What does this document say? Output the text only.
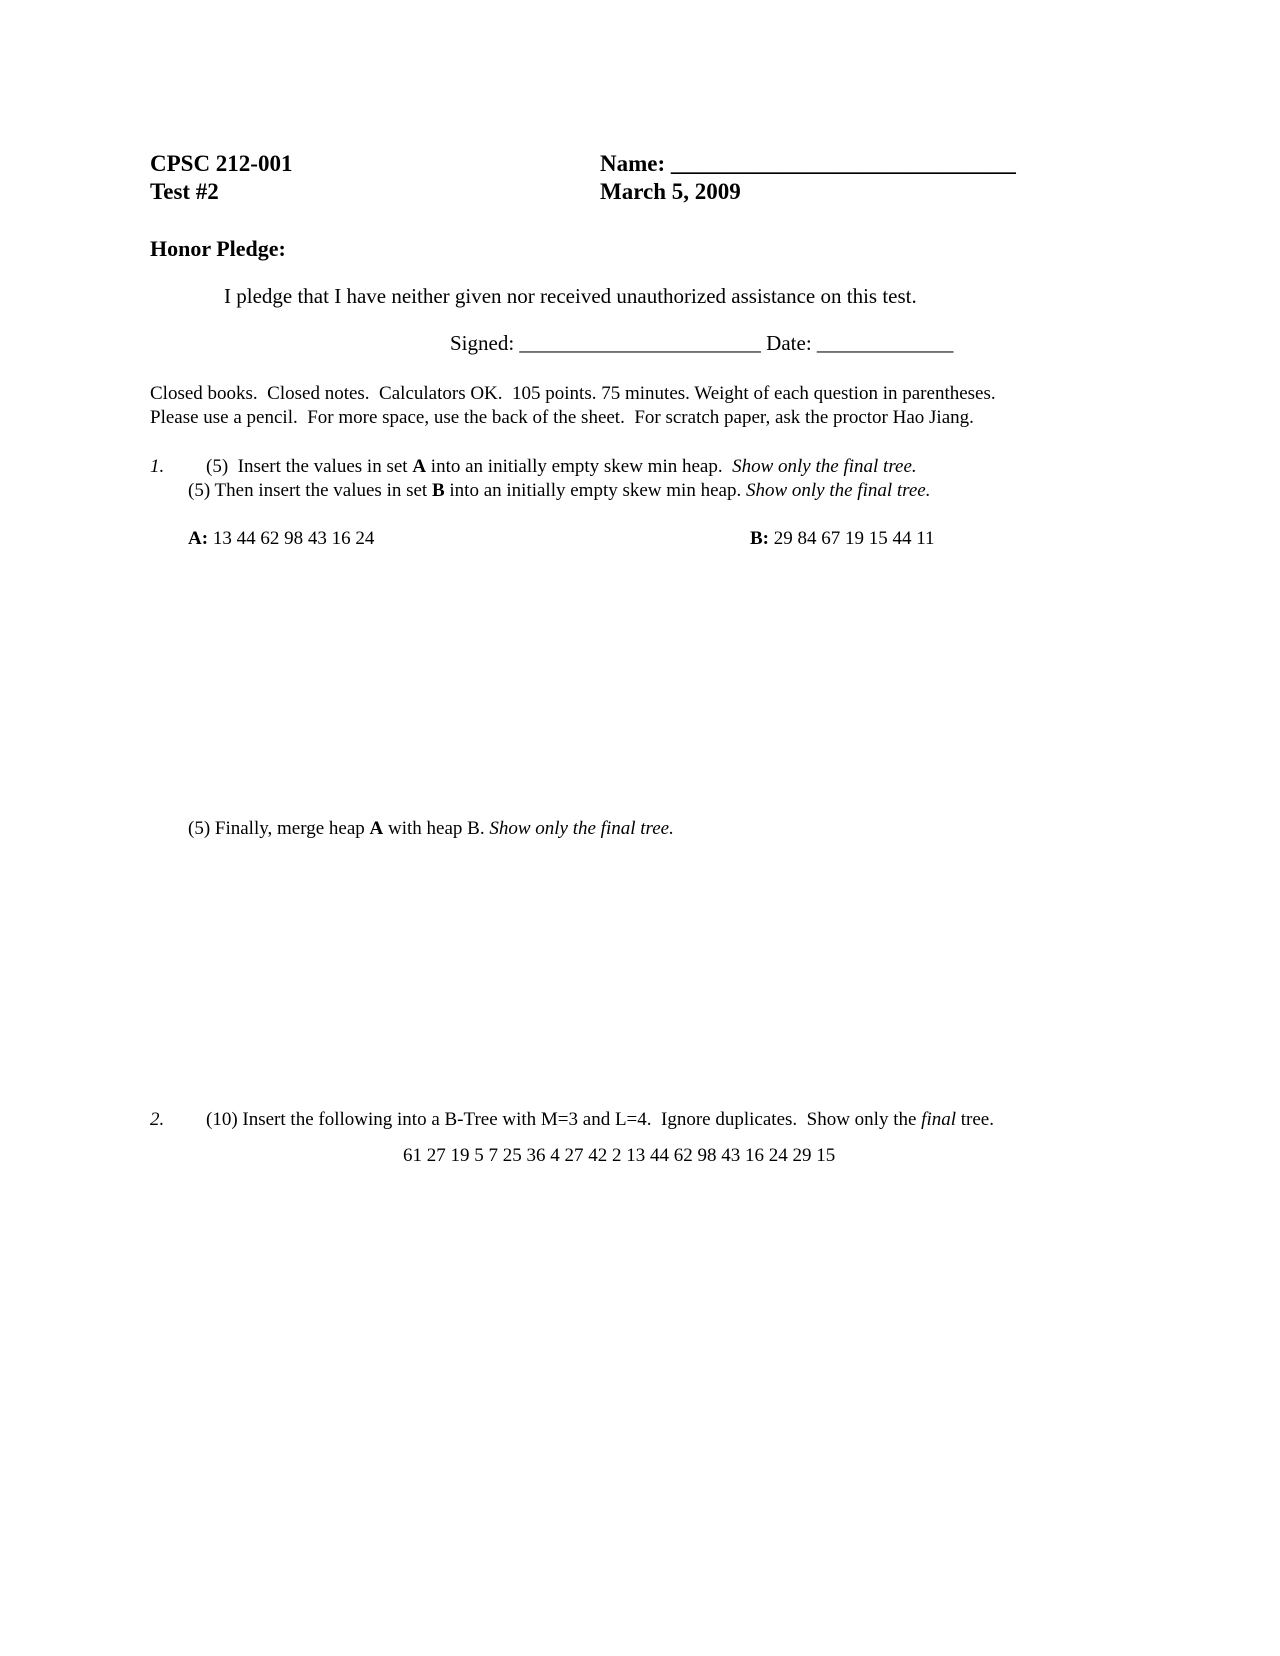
CPSC 212-001
Test #2
Name: ______________________________
March 5, 2009
Honor Pledge:
I pledge that I have neither given nor received unauthorized assistance on this test.
Signed: _______________________ Date: _____________
Closed books.  Closed notes.  Calculators OK.  105 points. 75 minutes. Weight of each question in parentheses.
Please use a pencil.  For more space, use the back of the sheet.  For scratch paper, ask the proctor Hao Jiang.
1. (5)  Insert the values in set A into an initially empty skew min heap.  Show only the final tree.
(5) Then insert the values in set B into an initially empty skew min heap. Show only the final tree.
A: 13 44 62 98 43 16 24	B: 29 84 67 19 15 44 11
(5) Finally, merge heap A with heap B. Show only the final tree.
2. (10) Insert the following into a B-Tree with M=3 and L=4.  Ignore duplicates.  Show only the final tree.
61 27 19 5 7 25 36 4 27 42 2 13 44 62 98 43 16 24 29 15
